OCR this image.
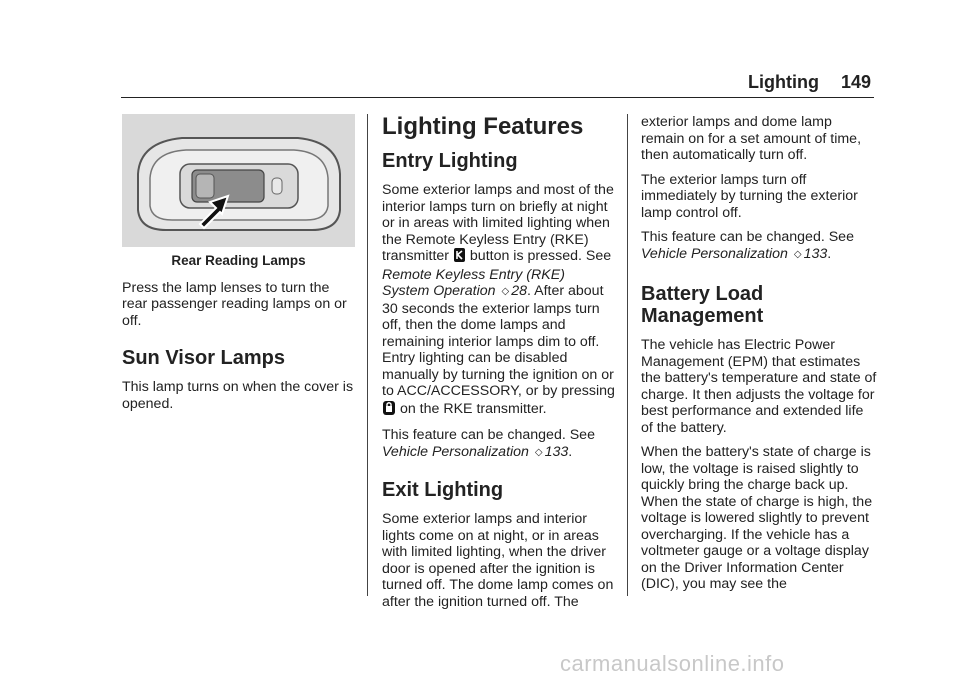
Lighting 149
Rear Reading Lamps

Press the lamp lenses to turn the rear passenger reading lamps on or off.

Sun Visor Lamps

This lamp turns on when the cover is opened.

Lighting Features
Entry Lighting

Some exterior lamps and most of the interior lamps turn on briefly at night or in areas with limited lighting when the Remote Keyless Entry (RKE) transmitter button is pressed. See Remote Keyless Entry (RKE) System Operation ◇ 28. After about 30 seconds the exterior lamps turn off, then the dome lamps and remaining interior lamps dim to off. Entry lighting can be disabled manually by turning the ignition on or to ACC/ACCESSORY, or by pressing  on the RKE transmitter.

This feature can be changed. See Vehicle Personalization ◇ 133.

Exit Lighting

Some exterior lamps and interior lights come on at night, or in areas with limited lighting, when the driver door is opened after the ignition is turned off. The dome lamp comes on after the ignition turned off. The

exterior lamps and dome lamp remain on for a set amount of time, then automatically turn off.

The exterior lamps turn off immediately by turning the exterior lamp control off.

This feature can be changed. See Vehicle Personalization ◇ 133.

Battery Load
Management

The vehicle has Electric Power Management (EPM) that estimates the battery's temperature and state of charge. It then adjusts the voltage for best performance and extended life of the battery.

When the battery's state of charge is low, the voltage is raised slightly to quickly bring the charge back up. When the state of charge is high, the voltage is lowered slightly to prevent overcharging. If the vehicle has a voltmeter gauge or a voltage display on the Driver Information Center (DIC), you may see the

carmanualsonline.info
